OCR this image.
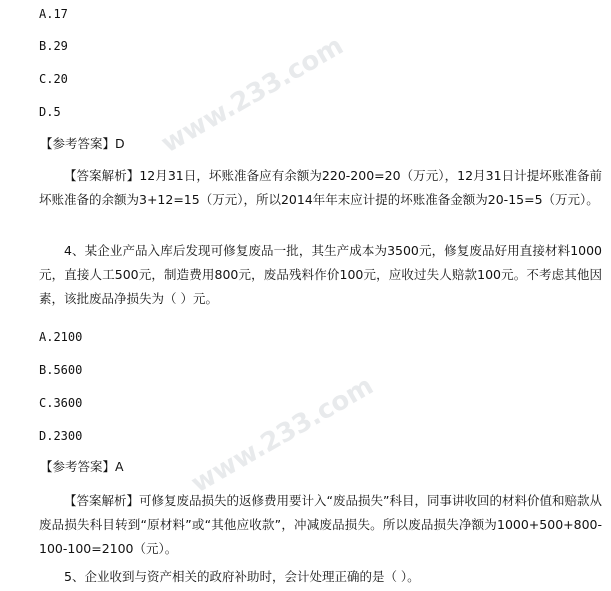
www.233.com
www.233.com
A.17
B.29
C.20
D.5
【参考答案】D
【答案解析】12月31日，坏账准备应有余额为220-200=20（万元），12月31日计提坏账准备前坏账准备的余额为3+12=15（万元），所以2014年年末应计提的坏账准备金额为20-15=5（万元）。
4、某企业产品入库后发现可修复废品一批，其生产成本为3500元，修复废品好用直接材料1000元，直接人工500元，制造费用800元，废品残料作价100元，应收过失人赔款100元。不考虑其他因素，该批废品净损失为（ ）元。
A.2100
B.5600
C.3600
D.2300
【参考答案】A
【答案解析】可修复废品损失的返修费用要计入“废品损失”科目，同事讲收回的材料价值和赔款从废品损失科目转到“原材料”或“其他应收款”，冲减废品损失。所以废品损失净额为1000+500+800-100-100=2100（元）。
5、企业收到与资产相关的政府补助时，会计处理正确的是（ ）。
